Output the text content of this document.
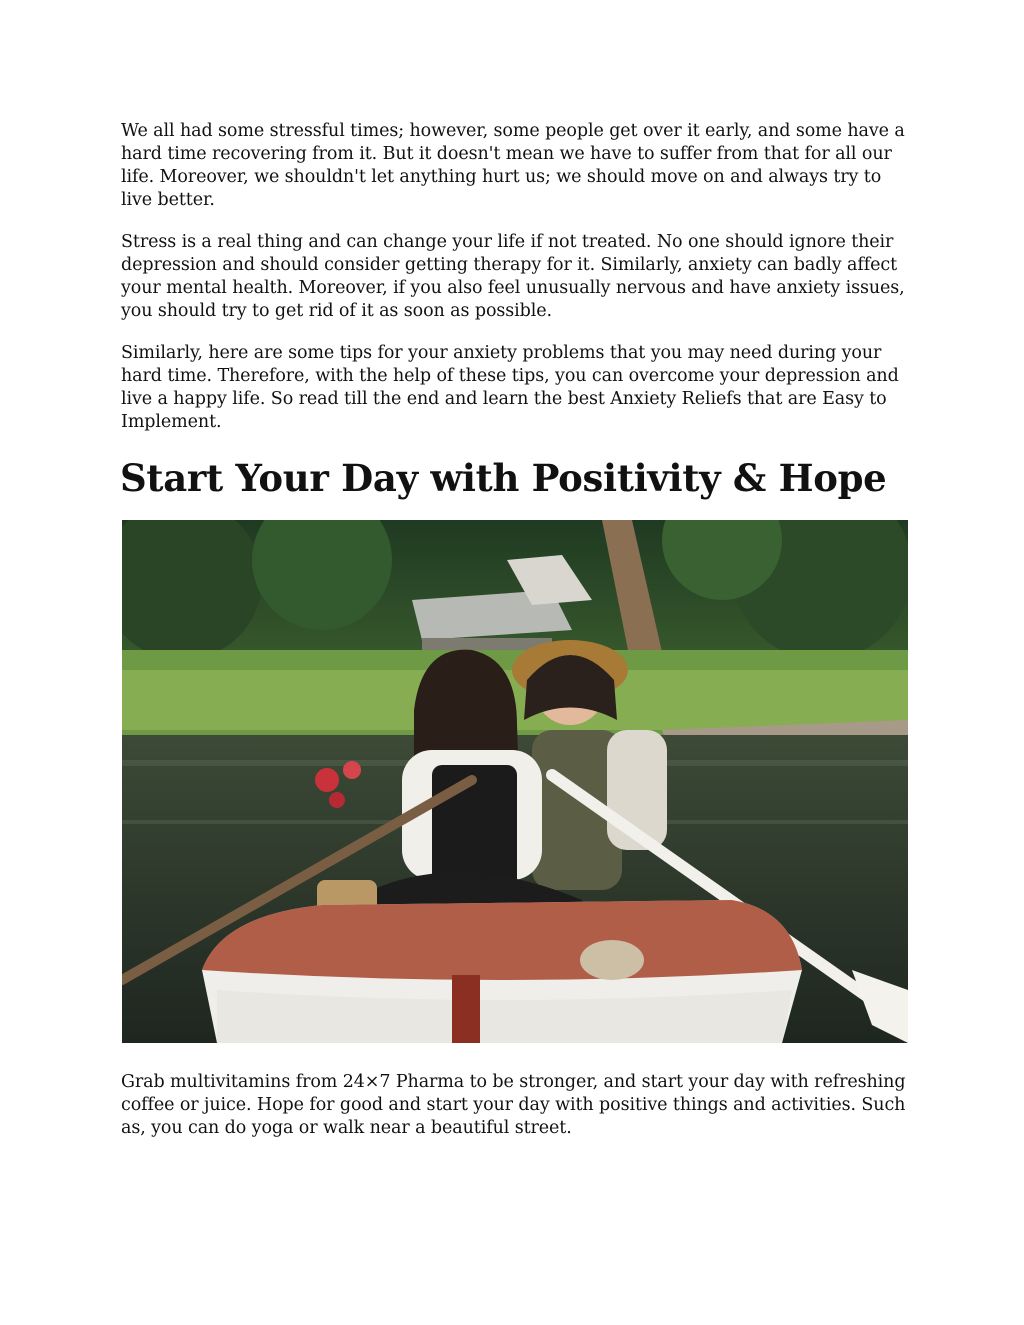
We all had some stressful times; however, some people get over it early, and some have a hard time recovering from it. But it doesn't mean we have to suffer from that for all our life. Moreover, we shouldn't let anything hurt us; we should move on and always try to live better.

Stress is a real thing and can change your life if not treated. No one should ignore their depression and should consider getting therapy for it. Similarly, anxiety can badly affect your mental health. Moreover, if you also feel unusually nervous and have anxiety issues, you should try to get rid of it as soon as possible.

Similarly, here are some tips for your anxiety problems that you may need during your hard time. Therefore, with the help of these tips, you can overcome your depression and live a happy life. So read till the end and learn the best Anxiety Reliefs that are Easy to Implement.

Start Your Day with Positivity & Hope

Grab multivitamins from 24×7 Pharma to be stronger, and start your day with refreshing coffee or juice. Hope for good and start your day with positive things and activities. Such as, you can do yoga or walk near a beautiful street.
